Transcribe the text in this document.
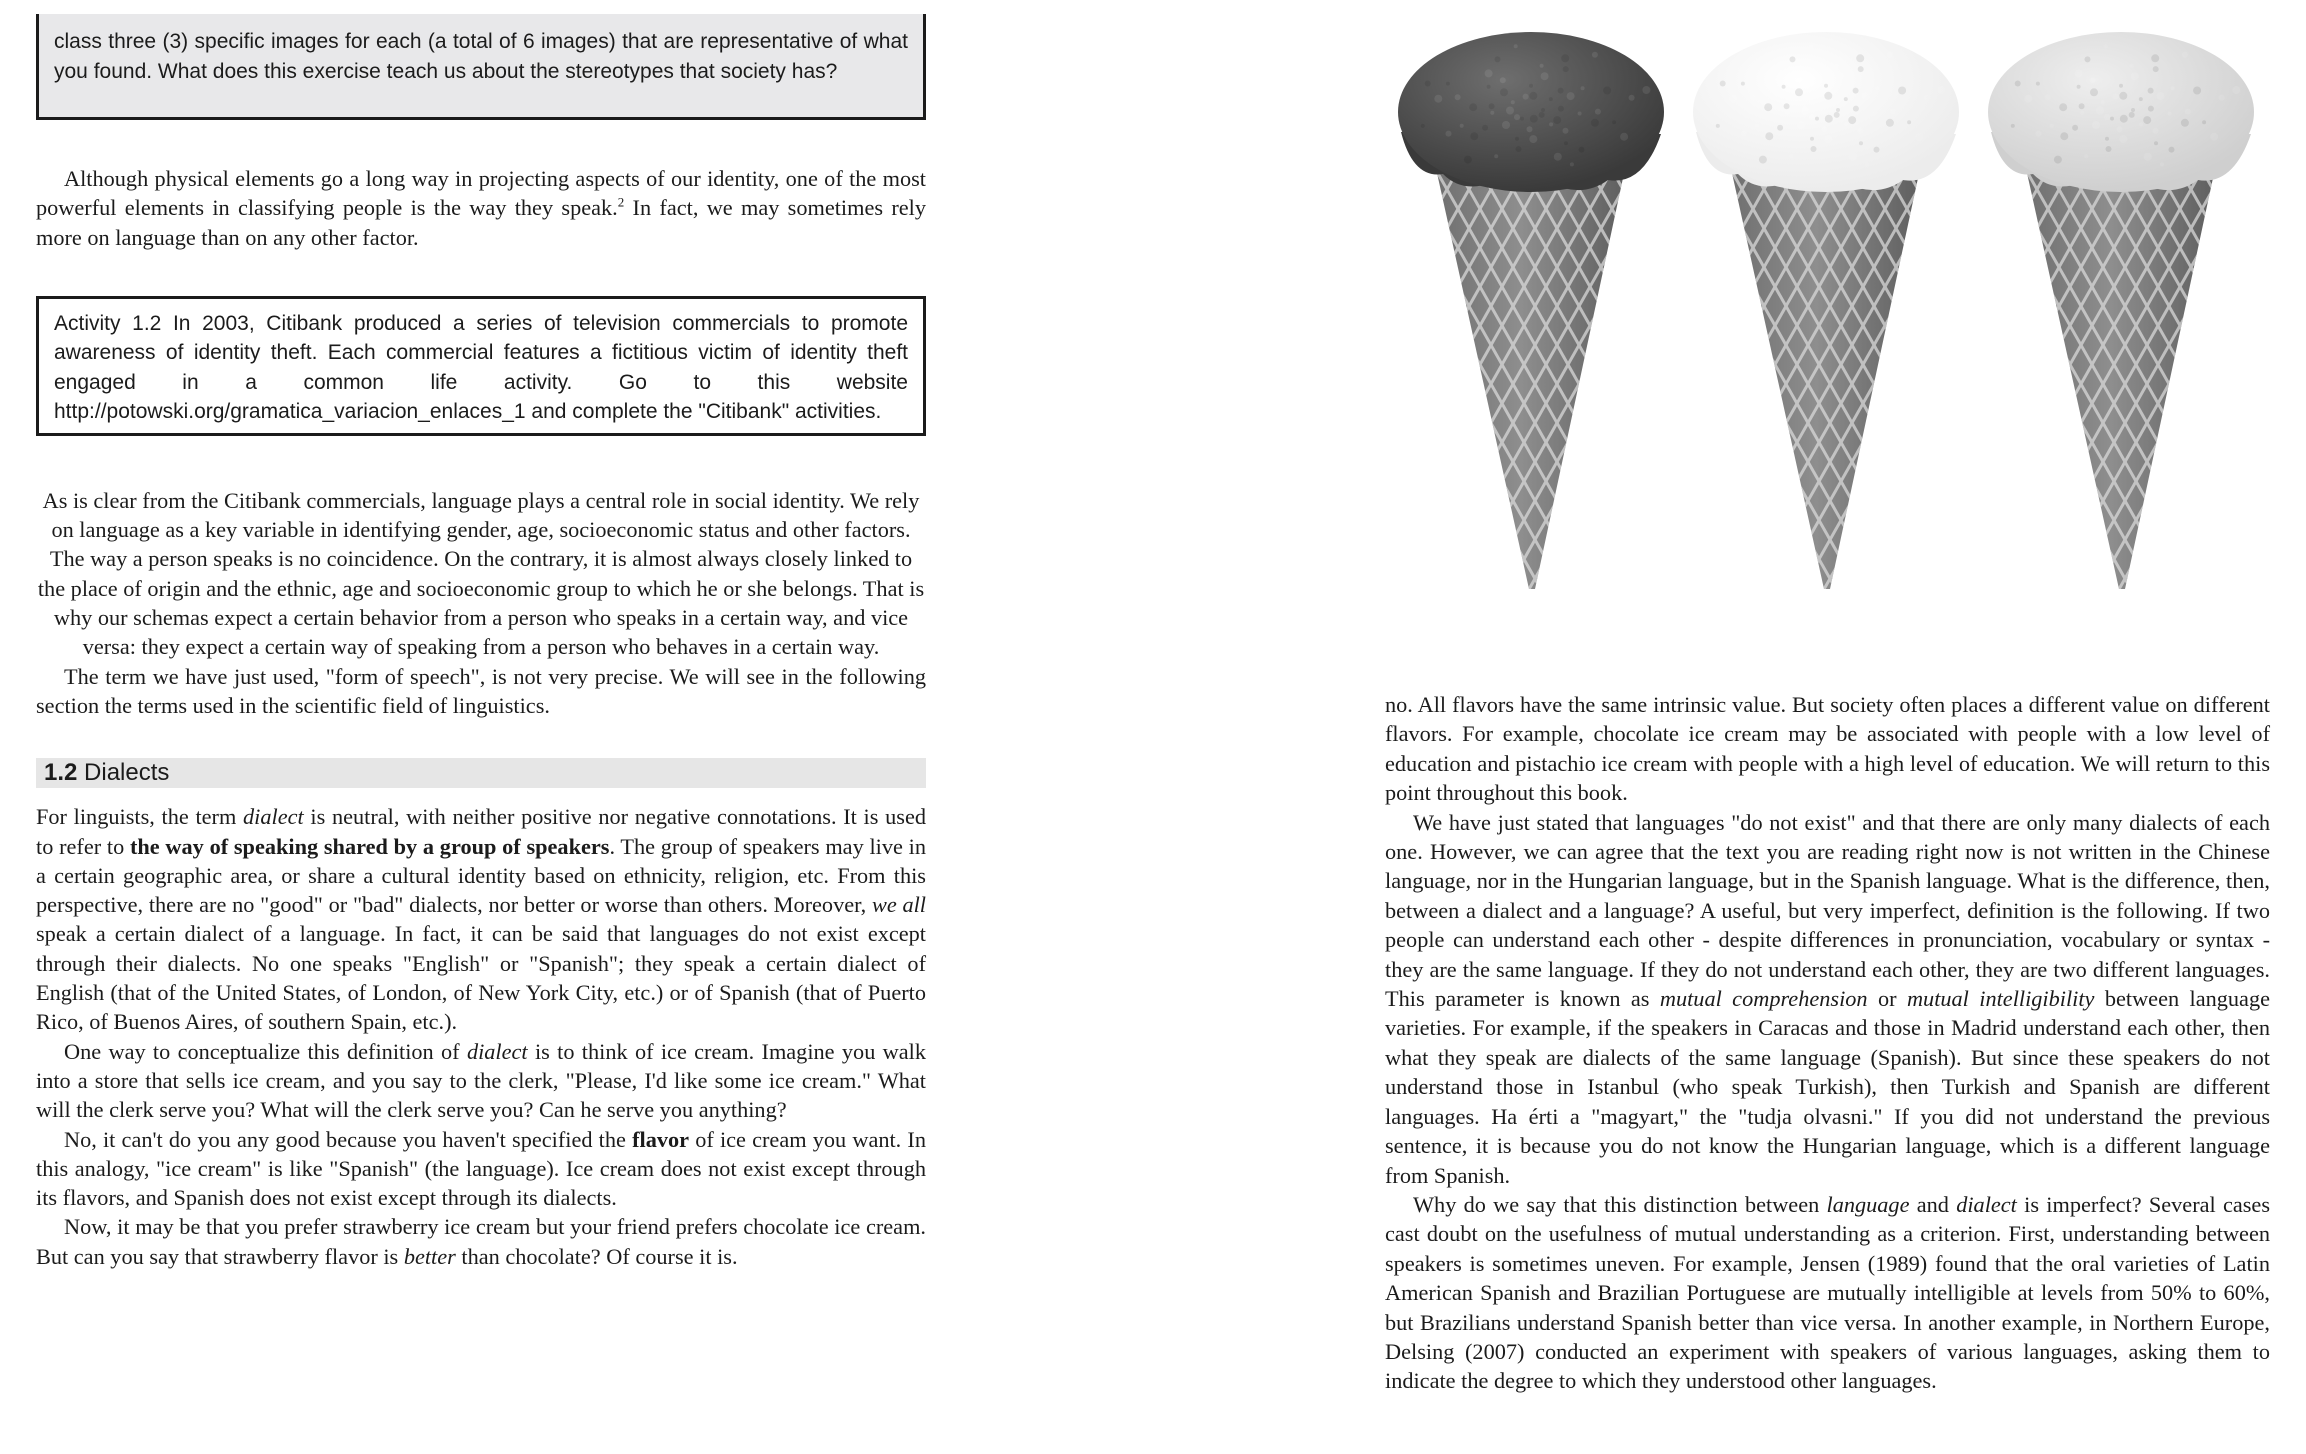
class three (3) specific images for each (a total of 6 images) that are representative of what you found. What does this exercise teach us about the stereotypes that society has?

Although physical elements go a long way in projecting aspects of our identity, one of the most powerful elements in classifying people is the way they speak.$^2$ In fact, we may sometimes rely more on language than on any other factor.

Activity 1.2 In 2003, Citibank produced a series of television commercials to promote awareness of identity theft. Each commercial features a fictitious victim of identity theft engaged in a common life activity. Go to this website http://potowski.org/gramatica_variacion_enlaces_1 and complete the "Citibank" activities.

As is clear from the Citibank commercials, language plays a central role in social identity. We rely on language as a key variable in identifying gender, age, socioeconomic status and other factors. The way a person speaks is no coincidence. On the contrary, it is almost always closely linked to the place of origin and the ethnic, age and socioeconomic group to which he or she belongs. That is why our schemas expect a certain behavior from a person who speaks in a certain way, and vice versa: they expect a certain way of speaking from a person who behaves in a certain way.

The term we have just used, "form of speech", is not very precise. We will see in the following section the terms used in the scientific field of linguistics.

1.2 Dialects

For linguists, the term dialect is neutral, with neither positive nor negative connotations. It is used to refer to the way of speaking shared by a group of speakers. The group of speakers may live in a certain geographic area, or share a cultural identity based on ethnicity, religion, etc. From this perspective, there are no "good" or "bad" dialects, nor better or worse than others. Moreover, we all speak a certain dialect of a language. In fact, it can be said that languages do not exist except through their dialects. No one speaks "English" or "Spanish"; they speak a certain dialect of English (that of the United States, of London, of New York City, etc.) or of Spanish (that of Puerto Rico, of Buenos Aires, of southern Spain, etc.).

One way to conceptualize this definition of dialect is to think of ice cream. Imagine you walk into a store that sells ice cream, and you say to the clerk, "Please, I'd like some ice cream." What will the clerk serve you? What will the clerk serve you? Can he serve you anything?

No, it can't do you any good because you haven't specified the flavor of ice cream you want. In this analogy, "ice cream" is like "Spanish" (the language). Ice cream does not exist except through its flavors, and Spanish does not exist except through its dialects.

Now, it may be that you prefer strawberry ice cream but your friend prefers chocolate ice cream. But can you say that strawberry flavor is better than chocolate? Of course it is.

no. All flavors have the same intrinsic value. But society often places a different value on different flavors. For example, chocolate ice cream may be associated with people with a low level of education and pistachio ice cream with people with a high level of education. We will return to this point throughout this book.

We have just stated that languages "do not exist" and that there are only many dialects of each one. However, we can agree that the text you are reading right now is not written in the Chinese language, nor in the Hungarian language, but in the Spanish language. What is the difference, then, between a dialect and a language? A useful, but very imperfect, definition is the following. If two people can understand each other - despite differences in pronunciation, vocabulary or syntax - they are the same language. If they do not understand each other, they are two different languages. This parameter is known as mutual comprehension or mutual intelligibility between language varieties. For example, if the speakers in Caracas and those in Madrid understand each other, then what they speak are dialects of the same language (Spanish). But since these speakers do not understand those in Istanbul (who speak Turkish), then Turkish and Spanish are different languages. Ha érti a "magyart," the "tudja olvasni." If you did not understand the previous sentence, it is because you do not know the Hungarian language, which is a different language from Spanish.

Why do we say that this distinction between language and dialect is imperfect? Several cases cast doubt on the usefulness of mutual understanding as a criterion. First, understanding between speakers is sometimes uneven. For example, Jensen (1989) found that the oral varieties of Latin American Spanish and Brazilian Portuguese are mutually intelligible at levels from 50% to 60%, but Brazilians understand Spanish better than vice versa. In another example, in Northern Europe, Delsing (2007) conducted an experiment with speakers of various languages, asking them to indicate the degree to which they understood other languages.
